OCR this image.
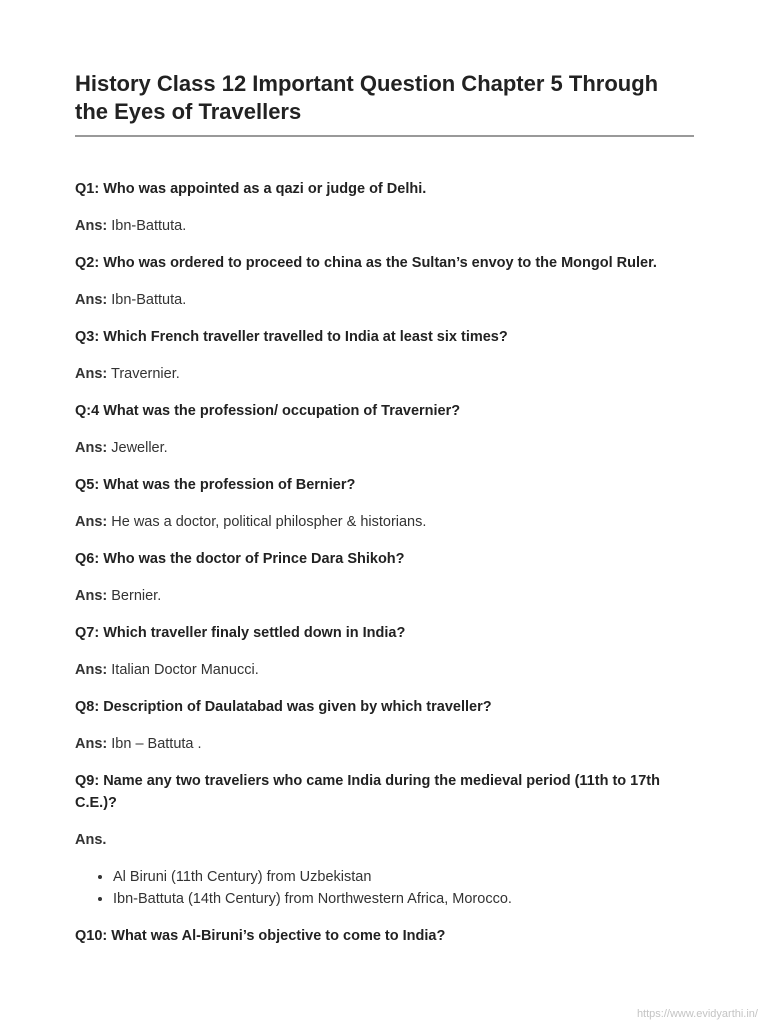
History Class 12 Important Question Chapter 5 Through the Eyes of Travellers

Q1: Who was appointed as a qazi or judge of Delhi.

Ans: Ibn-Battuta.

Q2: Who was ordered to proceed to china as the Sultan’s envoy to the Mongol Ruler.

Ans: Ibn-Battuta.

Q3: Which French traveller travelled to India at least six times?

Ans: Travernier.

Q:4 What was the profession/ occupation of Travernier?

Ans: Jeweller.

Q5: What was the profession of Bernier?

Ans: He was a doctor, political philospher & historians.

Q6: Who was the doctor of Prince Dara Shikoh?

Ans: Bernier.

Q7: Which traveller finaly settled down in India?

Ans: Italian Doctor Manucci.

Q8: Description of Daulatabad was given by which traveller?

Ans: Ibn – Battuta .

Q9: Name any two traveliers who came India during the medieval period (11th to 17th C.E.)?

Ans.

• Al Biruni (11th Century) from Uzbekistan
• Ibn-Battuta (14th Century) from Northwestern Africa, Morocco.

Q10: What was Al-Biruni’s objective to come to India?

https://www.evidyarthi.in/
